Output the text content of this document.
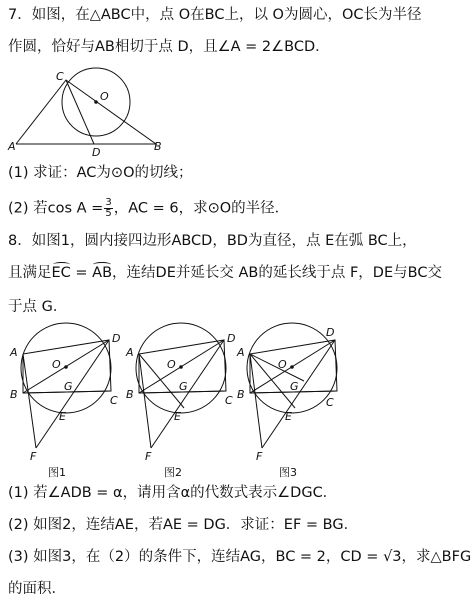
7．如图，在△ABC中，点 O在BC上，以 O为圆心，OC长为半径
作圆，恰好与AB相切于点 D，且∠A = 2∠BCD．
A	B
C
D
O
(1) 求证：AC为⊙O的切线；
(2) 若$\cos A = \frac{3}{5}$ ，AC = 6，求⊙O的半径．
8．如图1，圆内接四边形ABCD，BD为直径，点 E在弧 BC上，
且满足EC = AB，连结DE并延长交 AB的延长线于点 F，DE与BC交
于点 G．
A
D
B	C
O
G
E
F
图1
A
D
B	C
O
G
E
F
图2
A
D
B
C
O
G
E
F
图3
(1) 若∠ADB = α，请用含α的代数式表示∠DGC．
(2) 如图2，连结AE，若AE = DG．求证：EF = BG．
(3) 如图3，在（2）的条件下，连结AG，BC = 2，CD = √3，求△BFG
的面积．
